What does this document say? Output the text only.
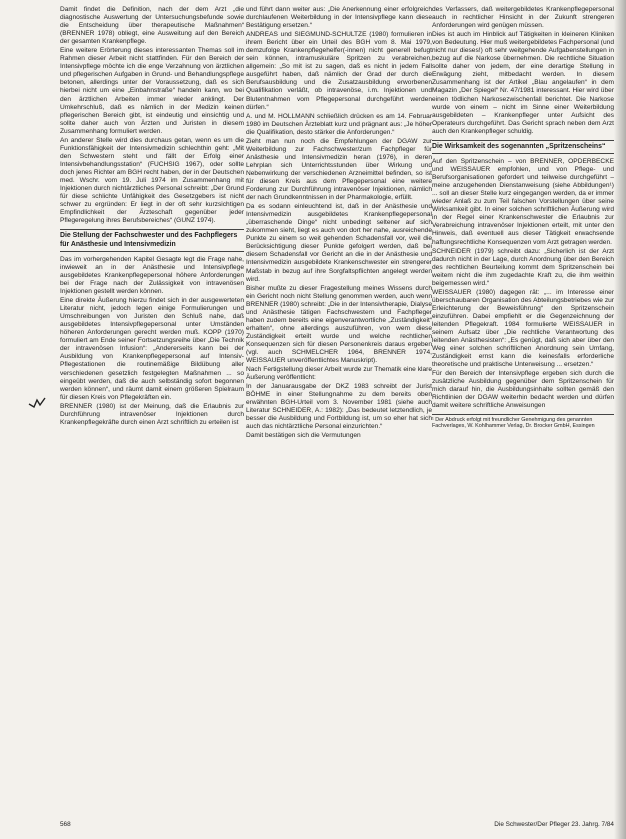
Damit findet die Definition, nach der dem Arzt „die diagnostische Auswertung der Untersuchungsbefunde sowie die Entscheidung über therapeutische Maßnahmen“ (BRENNER 1978) obliegt, eine Ausweitung auf den Bereich der gesamten Krankenpflege.

Eine weitere Erörterung dieses interessanten Themas soll im Rahmen dieser Arbeit nicht stattfinden. Für den Bereich der Intensivpflege möchte ich die enge Verzahnung von ärztlichen und pflegerischen Aufgaben in Grund- und Behandlungspflege betonen, allerdings unter der Voraussetzung, daß es sich hierbei nicht um eine „Einbahnstraße“ handeln kann, wo bei den ärztlichen Arbeiten immer wieder anklingt. Der Umkehrschluß, daß es nämlich in der Medizin keinen pflegerischen Bereich gibt, ist eindeutig und einsichtig und sollte daher auch von Ärzten und Juristen in diesem Zusammenhang formuliert werden.

An anderer Stelle wird dies durchaus getan, wenn es um die Funktionsfähigkeit der Intensivmedizin schlechthin geht: „Mit den Schwestern steht und fällt der Erfolg einer Intensivbehandlungsstation“ (FUCHSIG 1967), oder sollte doch jenes Richter am BGH recht haben, der in der Deutschen med. Wschr. vom 19. Juli 1974 im Zusammenhang mit Injektionen durch nichtärztliches Personal schreibt: „Der Grund für diese schlichte Unfähigkeit des Gesetzgebers ist nicht schwer zu ergründen: Er liegt in der oft sehr kurzsichtigen Empfindlichkeit der Ärzteschaft gegenüber jeder Pflegeregelung ihres Berufsbereiches“ (GUNZ 1974).

Die Stellung der Fachschwester und des Fachpflegers für Anästhesie und Intensivmedizin

Das im vorhergehenden Kapitel Gesagte legt die Frage nahe, inwieweit an in der Anästhesie und Intensivpflege ausgebildetes Krankenpflegepersonal höhere Anforderungen bei der Frage nach der Zulässigkeit von intravenösen Injektionen gestellt werden können.

Eine direkte Äußerung hierzu findet sich in der ausgewerteten Literatur nicht, jedoch legen einige Formulierungen und Umschreibungen von Juristen den Schluß nahe, daß ausgebildetes Intensivpflegepersonal unter Umständen höheren Anforderungen gerecht werden muß. KOPP (1970) formuliert am Ende seiner Fortsetzungsreihe über „Die Technik der intravenösen Infusion“: „Andererseits kann bei der Ausbildung von Krankenpflegepersonal auf Intensiv-Pflegestationen die routinemäßige Bildübung aller verschiedenen gesetzlich festgelegten Maßnahmen ... so eingeübt werden, daß die auch selbständig sofort begonnen werden können“, und räumt damit einem größeren Spielraum für diesen Kreis von Pflegekräften ein.

BRENNER (1980) ist der Meinung, daß die Erlaubnis zur Durchführung intravenöser Injektionen durch Krankenpflegekräfte durch einen Arzt schriftlich zu erteilen ist

und führt dann weiter aus: „Die Anerkennung einer erfolgreich durchlaufenen Weiterbildung in der Intensivpflege kann diese Bestätigung ersetzen.“

ANDREAS und SIEGMUND-SCHULTZE (1980) formulieren in ihrem Bericht über ein Urteil des BGH vom 8. Mai 1979, demzufolge Krankenpflegehelfer(-innen) nicht generell befugt sein können, intramuskuläre Spritzen zu verabreichen, allgemein: „So mit ist zu sagen, daß es nicht in jedem Fall ausgeführt haben, daß nämlich der Grad der durch die Berufsausbildung und die Zusatzausbildung erworbenen Qualifikation verläßt, ob intravenöse, i.m. Injektionen und Blutentnahmen vom Pflegepersonal durchgeführt werden dürfen.“

A. und M. HOLLMANN schließlich drücken es am 14. Februar 1980 im Deutschen Ärzteblatt kurz und prägnant aus: „Je höher die Qualifikation, desto stärker die Anforderungen.“

Zieht man nun noch die Empfehlungen der DGAW zur Weiterbildung zur Fachschwester/zum Fachpfleger für Anästhesie und Intensivmedizin heran (1976), in deren Lehrplan sich Unterrichtsstunden über Wirkung und Nebenwirkung der verschiedenen Arzneimittel befinden, so ist für diesen Kreis aus dem Pflegepersonal eine weitere Forderung zur Durchführung intravenöser Injektionen, nämlich der nach Grundkenntnissen in der Pharmakologie, erfüllt.

Da es sodann einleuchtend ist, daß in der Anästhesie und Intensivmedizin ausgebildetes Krankenpflegepersonal „überraschende Dinge“ nicht unbedingt seltener auf sich zukommen sieht, liegt es auch von dort her nahe, ausreichende Punkte zu einem so weit gehenden Schadensfall vor, weil die Berücksichtigung dieser Punkte gefolgert werden, daß bei diesem Schadensfall vor Gericht an die in der Anästhesie und Intensivmedizin ausgebildete Krankenschwester ein strengerer Maßstab in bezug auf ihre Sorgfaltspflichten angelegt werden wird.

Bisher mußte zu dieser Fragestellung meines Wissens durch ein Gericht noch nicht Stellung genommen werden, auch wenn BRENNER (1980) schreibt: „Die in der Intensivtherapie, Dialyse und Anästhesie tätigen Fachschwestern und Fachpfleger haben zudem bereits eine eigenverantwortliche „Zuständigkeit“ erhalten“, ohne allerdings auszuführen, von wem diese Zuständigkeit erteilt wurde und welche rechtlichen Konsequenzen sich für diesen Personenkreis daraus ergeben (vgl. auch SCHMELCHER 1964, BRENNER 1974, WEISSAUER unveröffentlichtes Manuskript).

Nach Fertigstellung dieser Arbeit wurde zur Thematik eine klare Äußerung veröffentlicht:

In der Januarausgabe der DKZ 1983 schreibt der Jurist BÖHME in einer Stellungnahme zu dem bereits oben erwähnten BGH-Urteil vom 3. November 1981 (siehe auch Literatur SCHNEIDER, A.: 1982): „Das bedeutet letztendlich, je besser die Ausbildung und Fortbildung ist, um so eher hat sich auch das nichtärztliche Personal einzurichten.“

Damit bestätigen sich die Vermutungen

des Verfassers, daß weitergebildetes Krankenpflegepersonal auch in rechtlicher Hinsicht in der Zukunft strengeren Anforderungen wird genügen müssen.

Dies ist auch im Hinblick auf Tätigkeiten in kleineren Kliniken von Bedeutung. Hier muß weitergebildetes Fachpersonal (und nicht nur dieses!) oft sehr weitgehende Aufgabenstellungen in bezug auf die Narkose übernehmen. Die rechtliche Situation sollte daher von jedem, der eine derartige Stellung in Erwägung zieht, mitbedacht werden. In diesem Zusammenhang ist der Artikel „Blau angelaufen“ in dem Magazin „Der Spiegel“ Nr. 47/1981 interessant. Hier wird über einen tödlichen Narkosezwischenfall berichtet. Die Narkose wurde von einem – nicht im Sinne einer Weiterbildung ausgebildeten – Krankenpfleger unter Aufsicht des Operateurs durchgeführt. Das Gericht sprach neben dem Arzt auch den Krankenpfleger schuldig.

Die Wirksamkeit des sogenannten „Spritzenscheins“

Auf den Spritzenschein – von BRENNER, OPDERBECKE und WEISSAUER empfohlen, und von Pflege- und Berufsorganisationen gefordert und teilweise durchgeführt – meine anzugehenden Dienstanweisung (siehe Abbildungen¹) ... soll an dieser Stelle kurz eingegangen werden, da er immer wieder Anlaß zu zum Teil falschen Vorstellungen über seine Wirksamkeit gibt. In einer solchen schriftlichen Äußerung wird in der Regel einer Krankenschwester die Erlaubnis zur Verabreichung intravenöser Injektionen erteilt, mit unter den Hinweis, daß eventuell aus dieser Tätigkeit erwachsende haftungsrechtliche Konsequenzen vom Arzt getragen werden.

SCHNEIDER (1979) schreibt dazu: „Sicherlich ist der Arzt dadurch nicht in der Lage, durch Anordnung über den Bereich des rechtlichen Beurteilung kommt dem Spritzenschein bei weitem nicht die ihm zugedachte Kraft zu, die ihm weithin beigemessen wird.“

WEISSAUER (1980) dagegen rät: „... im Interesse einer überschaubaren Organisation des Abteilungsbetriebes wie zur Erleichterung der Beweisführung“ den Spritzenschein einzuführen. Dabei empfiehlt er die Gegenzeichnung der leitenden Pflegekraft. 1984 formulierte WEISSAUER in seinem Aufsatz über „Die rechtliche Verantwortung des leitenden Anästhesisten“: „Es genügt, daß sich aber über den Weg einer solchen schriftlichen Anordnung sein Umfang, Zuständigkeit ernst kann die keinesfalls erforderliche theoretische und praktische Unterweisung ... ersetzen.“

Für den Bereich der Intensivpflege ergeben sich durch die zusätzliche Ausbildung gegenüber dem Spritzenschein für mich darauf hin, die Ausbildungsinhalte sollten gemäß den Richtlinien der DGAW weiterhin bedacht werden und dürfen damit weitere schriftliche Anweisungen

¹ Der Abdruck erfolgt mit freundlicher Genehmigung des genannten Fachverlages, W. Kohlhammer Verlag, Dr. Brocker GmbH, Essingen
568	Die Schwester/Der Pfleger 23. Jahrg. 7/84
